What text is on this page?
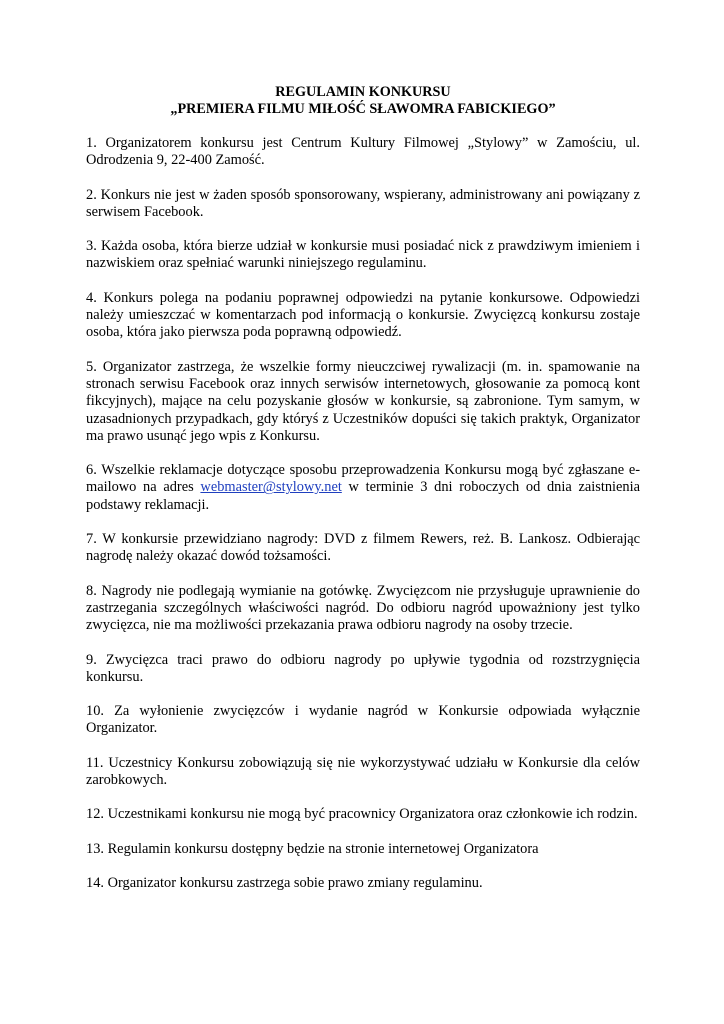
REGULAMIN KONKURSU
„PREMIERA FILMU MIŁOŚĆ SŁAWOMRA FABICKIEGO”

1. Organizatorem konkursu jest Centrum Kultury Filmowej „Stylowy” w Zamościu, ul. Odrodzenia 9, 22-400 Zamość.

2. Konkurs nie jest w żaden sposób sponsorowany, wspierany, administrowany ani powiązany z serwisem Facebook.

3. Każda osoba, która bierze udział w konkursie musi posiadać nick z prawdziwym imieniem i nazwiskiem oraz spełniać warunki niniejszego regulaminu.

4. Konkurs polega na podaniu poprawnej odpowiedzi na pytanie konkursowe. Odpowiedzi należy umieszczać w komentarzach pod informacją o konkursie. Zwycięzcą konkursu zostaje osoba, która jako pierwsza poda poprawną odpowiedź.

5. Organizator zastrzega, że wszelkie formy nieuczciwej rywalizacji (m. in. spamowanie na stronach serwisu Facebook oraz innych serwisów internetowych, głosowanie za pomocą kont fikcyjnych), mające na celu pozyskanie głosów w konkursie, są zabronione. Tym samym, w uzasadnionych przypadkach, gdy któryś z Uczestników dopuści się takich praktyk, Organizator ma prawo usunąć jego wpis z Konkursu.

6. Wszelkie reklamacje dotyczące sposobu przeprowadzenia Konkursu mogą być zgłaszane e-mailowo na adres webmaster@stylowy.net w terminie 3 dni roboczych od dnia zaistnienia podstawy reklamacji.

7. W konkursie przewidziano nagrody: DVD z filmem Rewers, reż. B. Lankosz. Odbierając nagrodę należy okazać dowód tożsamości.

8. Nagrody nie podlegają wymianie na gotówkę. Zwycięzcom nie przysługuje uprawnienie do zastrzegania szczególnych właściwości nagród. Do odbioru nagród upoważniony jest tylko zwycięzca, nie ma możliwości przekazania prawa odbioru nagrody na osoby trzecie.

9. Zwycięzca traci prawo do odbioru nagrody po upływie tygodnia od rozstrzygnięcia konkursu.

10. Za wyłonienie zwycięzców i wydanie nagród w Konkursie odpowiada wyłącznie Organizator.

11. Uczestnicy Konkursu zobowiązują się nie wykorzystywać udziału w Konkursie dla celów zarobkowych.

12. Uczestnikami konkursu nie mogą być pracownicy Organizatora oraz członkowie ich rodzin.

13. Regulamin konkursu dostępny będzie na stronie internetowej Organizatora

14. Organizator konkursu zastrzega sobie prawo zmiany regulaminu.
